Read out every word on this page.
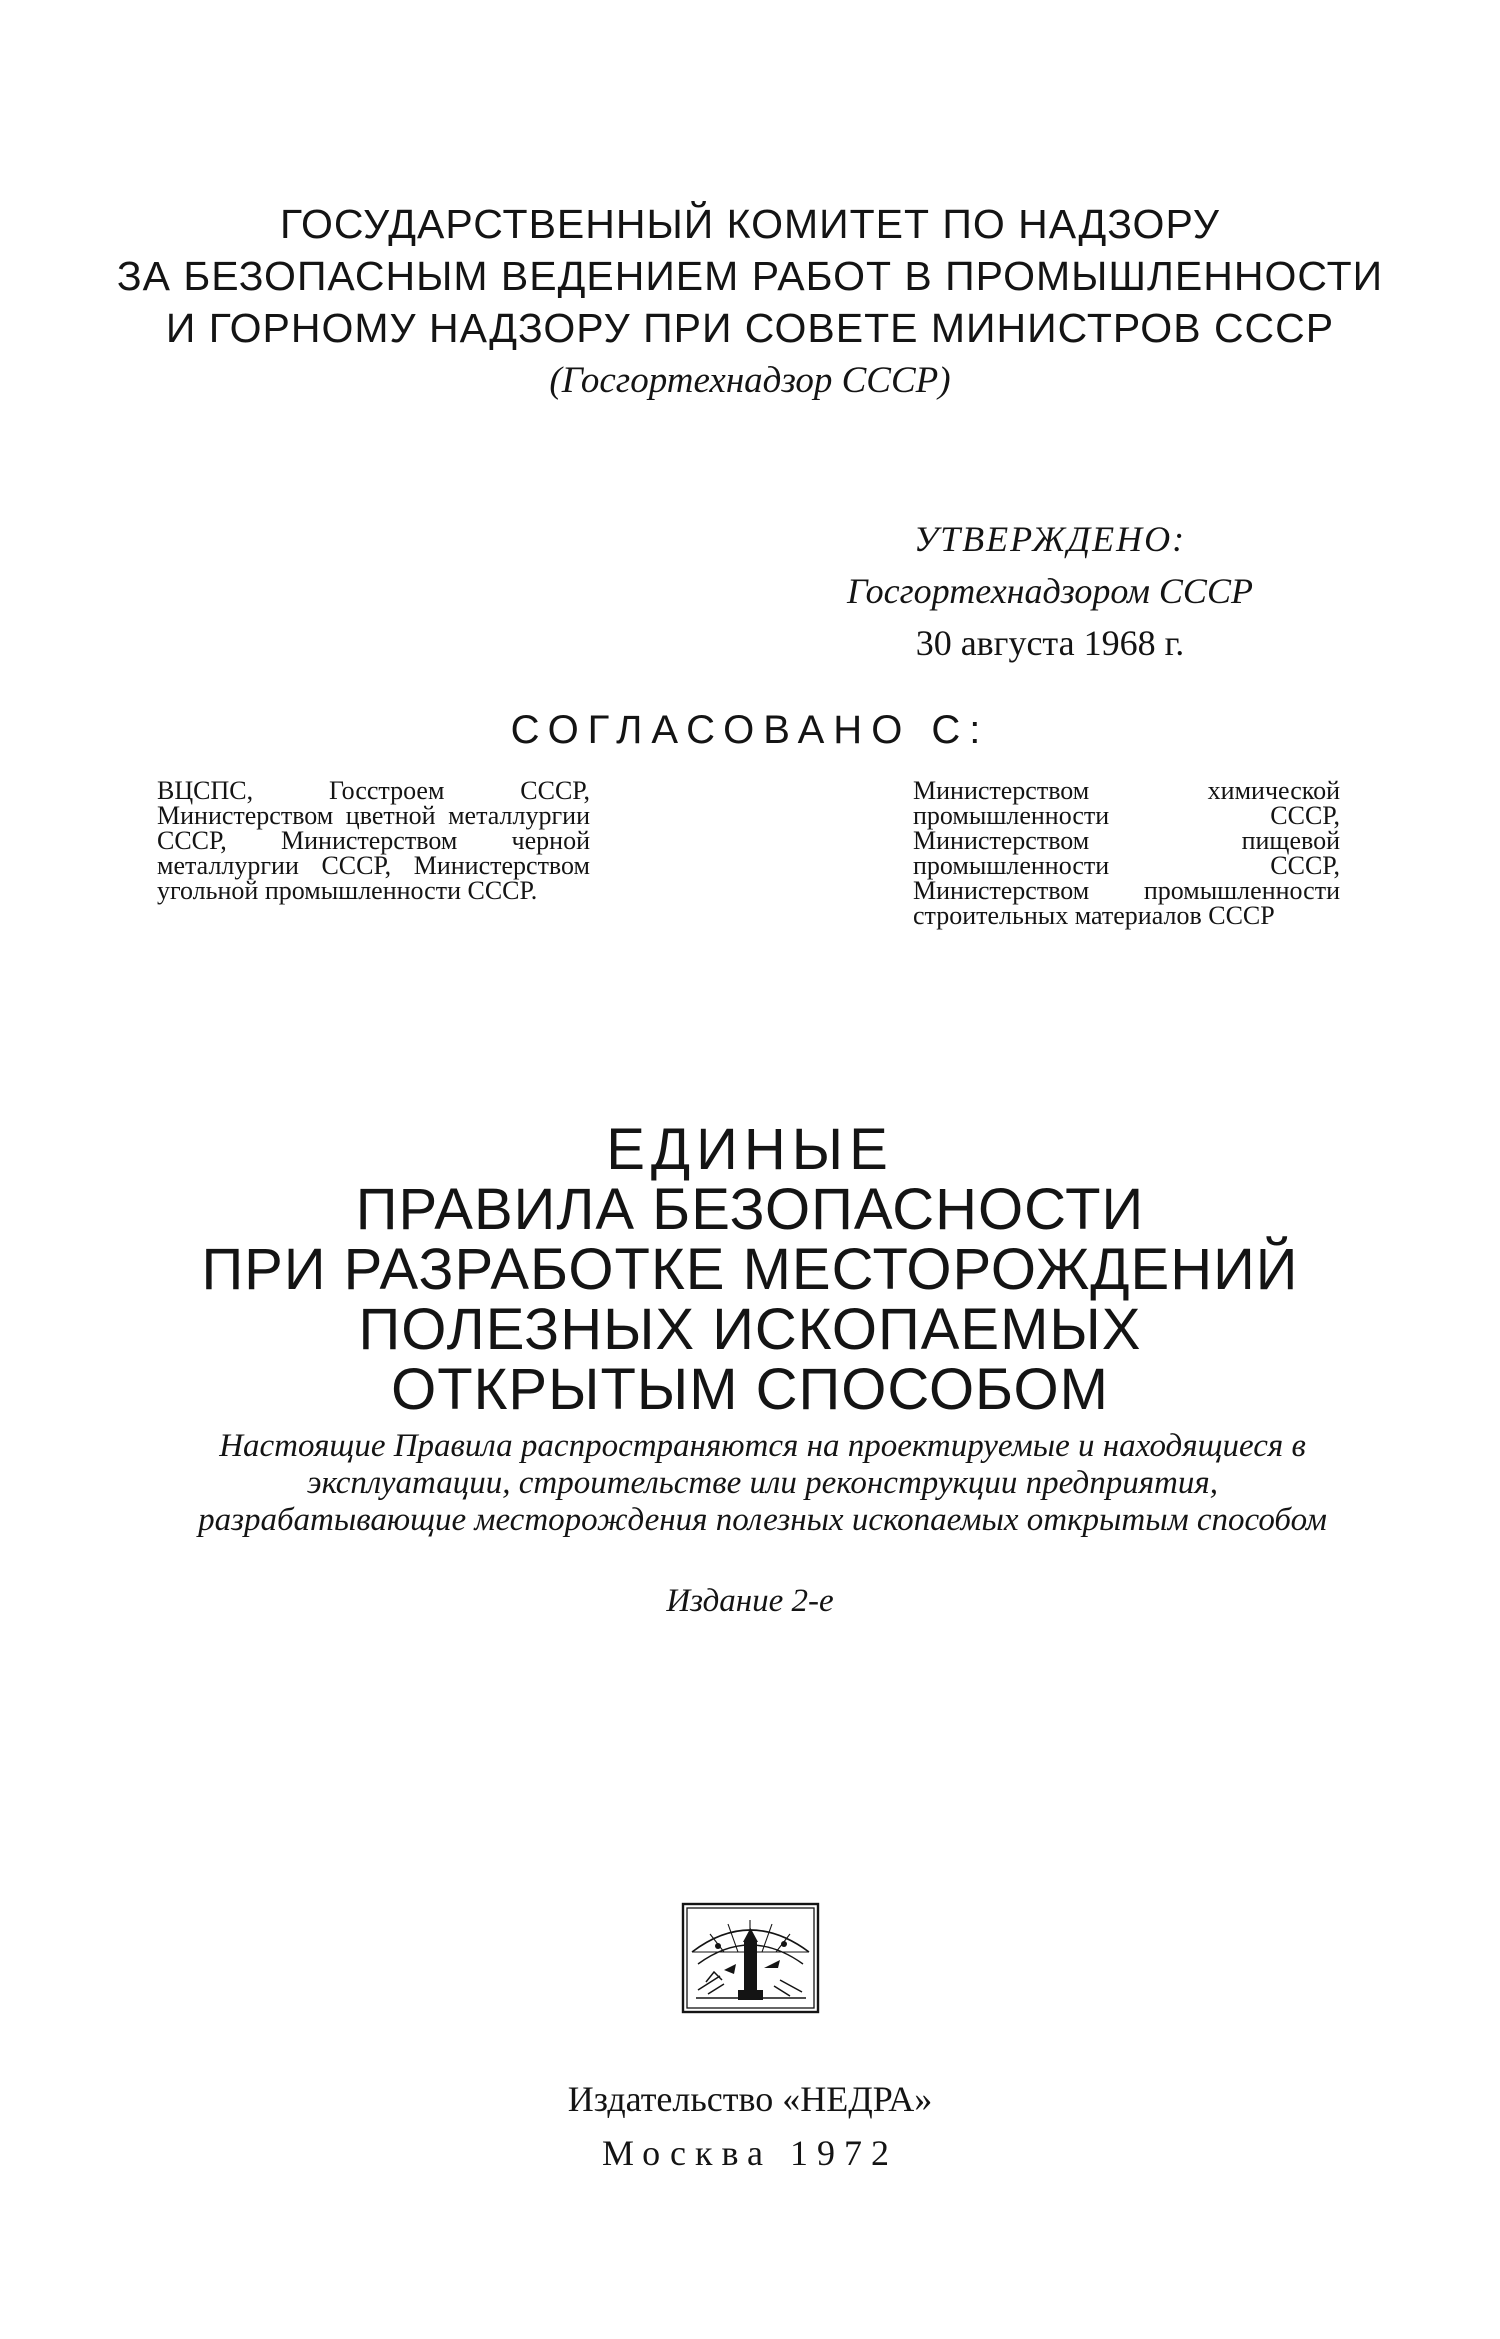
ГОСУДАРСТВЕННЫЙ КОМИТЕТ ПО НАДЗОРУ
ЗА БЕЗОПАСНЫМ ВЕДЕНИЕМ РАБОТ В ПРОМЫШЛЕННОСТИ
И ГОРНОМУ НАДЗОРУ ПРИ СОВЕТЕ МИНИСТРОВ СССР
(Госгортехнадзор СССР)
УТВЕРЖДЕНО:
Госгортехнадзором СССР
30 августа 1968 г.
СОГЛАСОВАНО С:
ВЦСПС, Госстроем СССР, Министерством цветной металлургии СССР, Министерством черной металлургии СССР, Министерством угольной промышленности СССР.
Министерством химической промышленности СССР, Министерством пищевой промышленности СССР, Министерством промышленности строительных материалов СССР
ЕДИНЫЕ
ПРАВИЛА БЕЗОПАСНОСТИ
ПРИ РАЗРАБОТКЕ МЕСТОРОЖДЕНИЙ
ПОЛЕЗНЫХ ИСКОПАЕМЫХ
ОТКРЫТЫМ СПОСОБОМ
Настоящие Правила распространяются на проектируемые и находящиеся в эксплуатации, строительстве или реконструкции предприятия, разрабатывающие месторождения полезных ископаемых открытым способом
Издание 2-е
Издательство «НЕДРА»
Москва 1972
